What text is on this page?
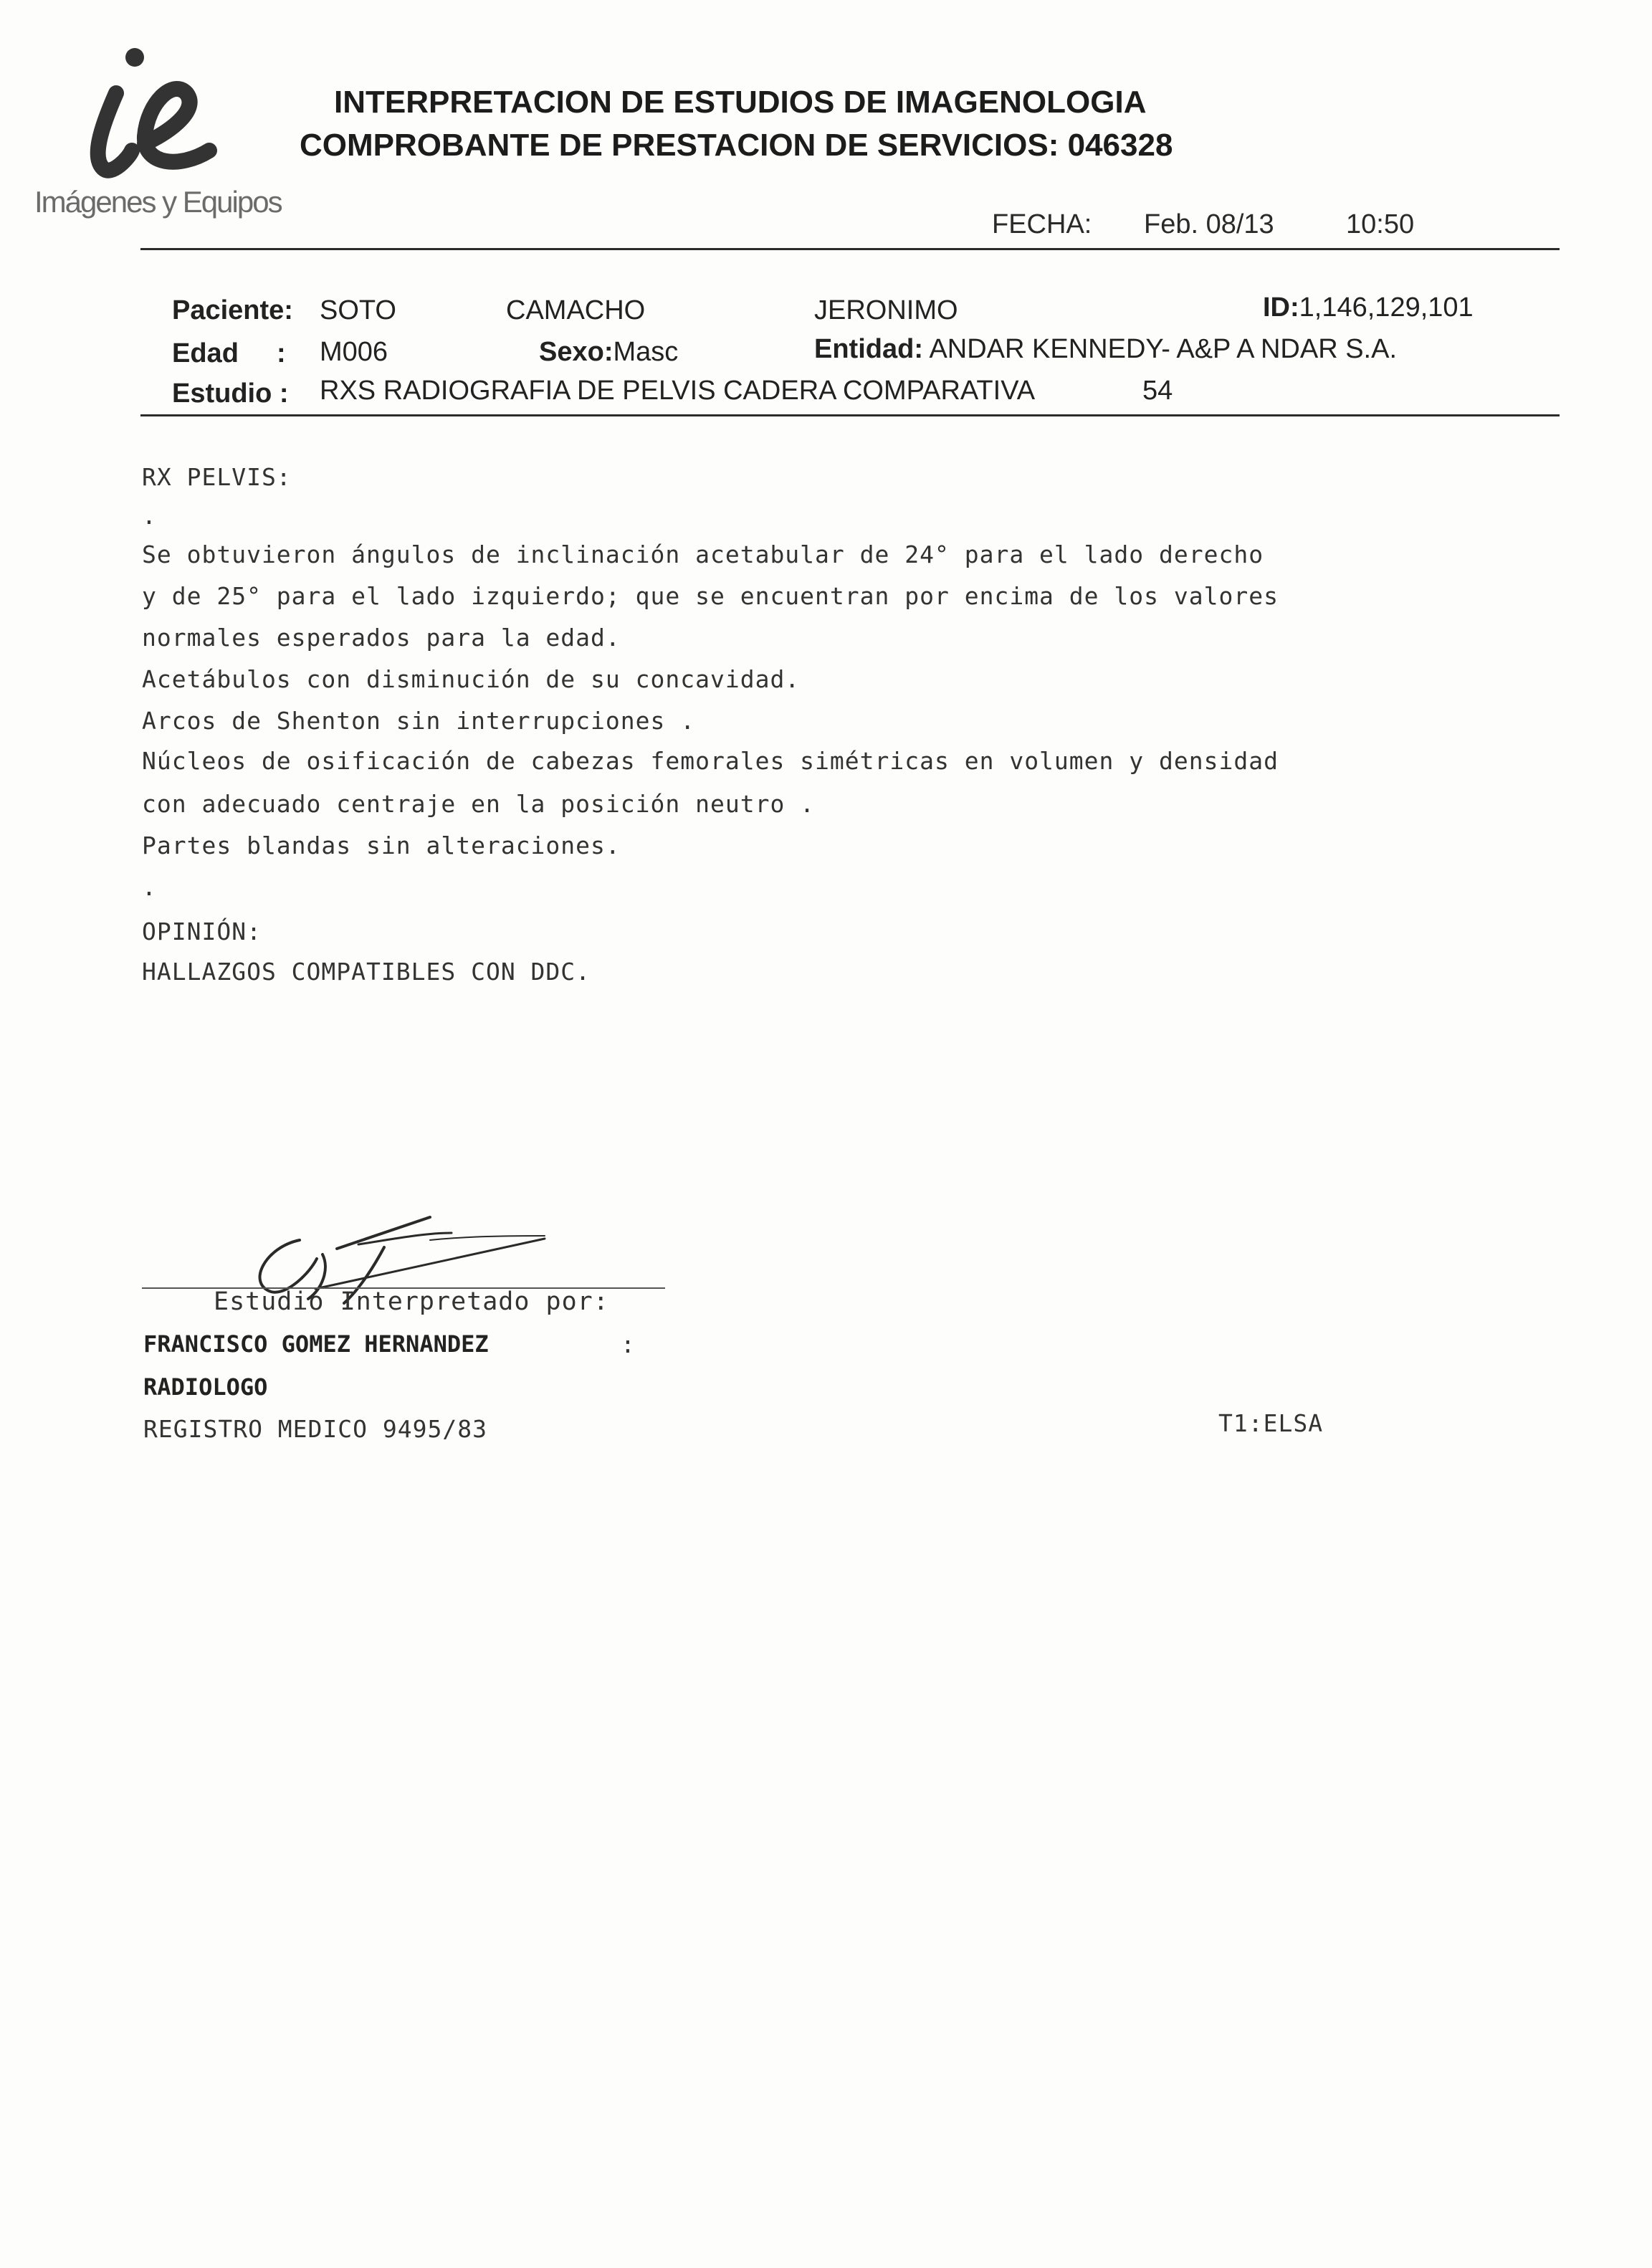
Imágenes y Equipos
INTERPRETACION DE ESTUDIOS DE IMAGENOLOGIA
COMPROBANTE DE PRESTACION DE SERVICIOS: 046328
FECHA: Feb. 08/13	10:50
Paciente: SOTO	CAMACHO	JERONIMO	ID:1,146,129,101
Edad : M006	Sexo:Masc	Entidad: ANDAR KENNEDY- A&P A NDAR S.A.
Estudio : RXS RADIOGRAFIA DE PELVIS CADERA COMPARATIVA	54
RX PELVIS:
.
Se obtuvieron ángulos de inclinación acetabular de 24° para el lado derecho
y de 25° para el lado izquierdo; que se encuentran por encima de los valores
normales esperados para la edad.
Acetábulos con disminución de su concavidad.
Arcos de Shenton sin interrupciones .
Núcleos de osificación de cabezas femorales simétricas en volumen y densidad
con adecuado centraje en la posición neutro .
Partes blandas sin alteraciones.
.
OPINIÓN:
HALLAZGOS COMPATIBLES CON DDC.
Estudio Interpretado por:
FRANCISCO GOMEZ HERNANDEZ	:
RADIOLOGO
REGISTRO MEDICO 9495/83	T1:ELSA
